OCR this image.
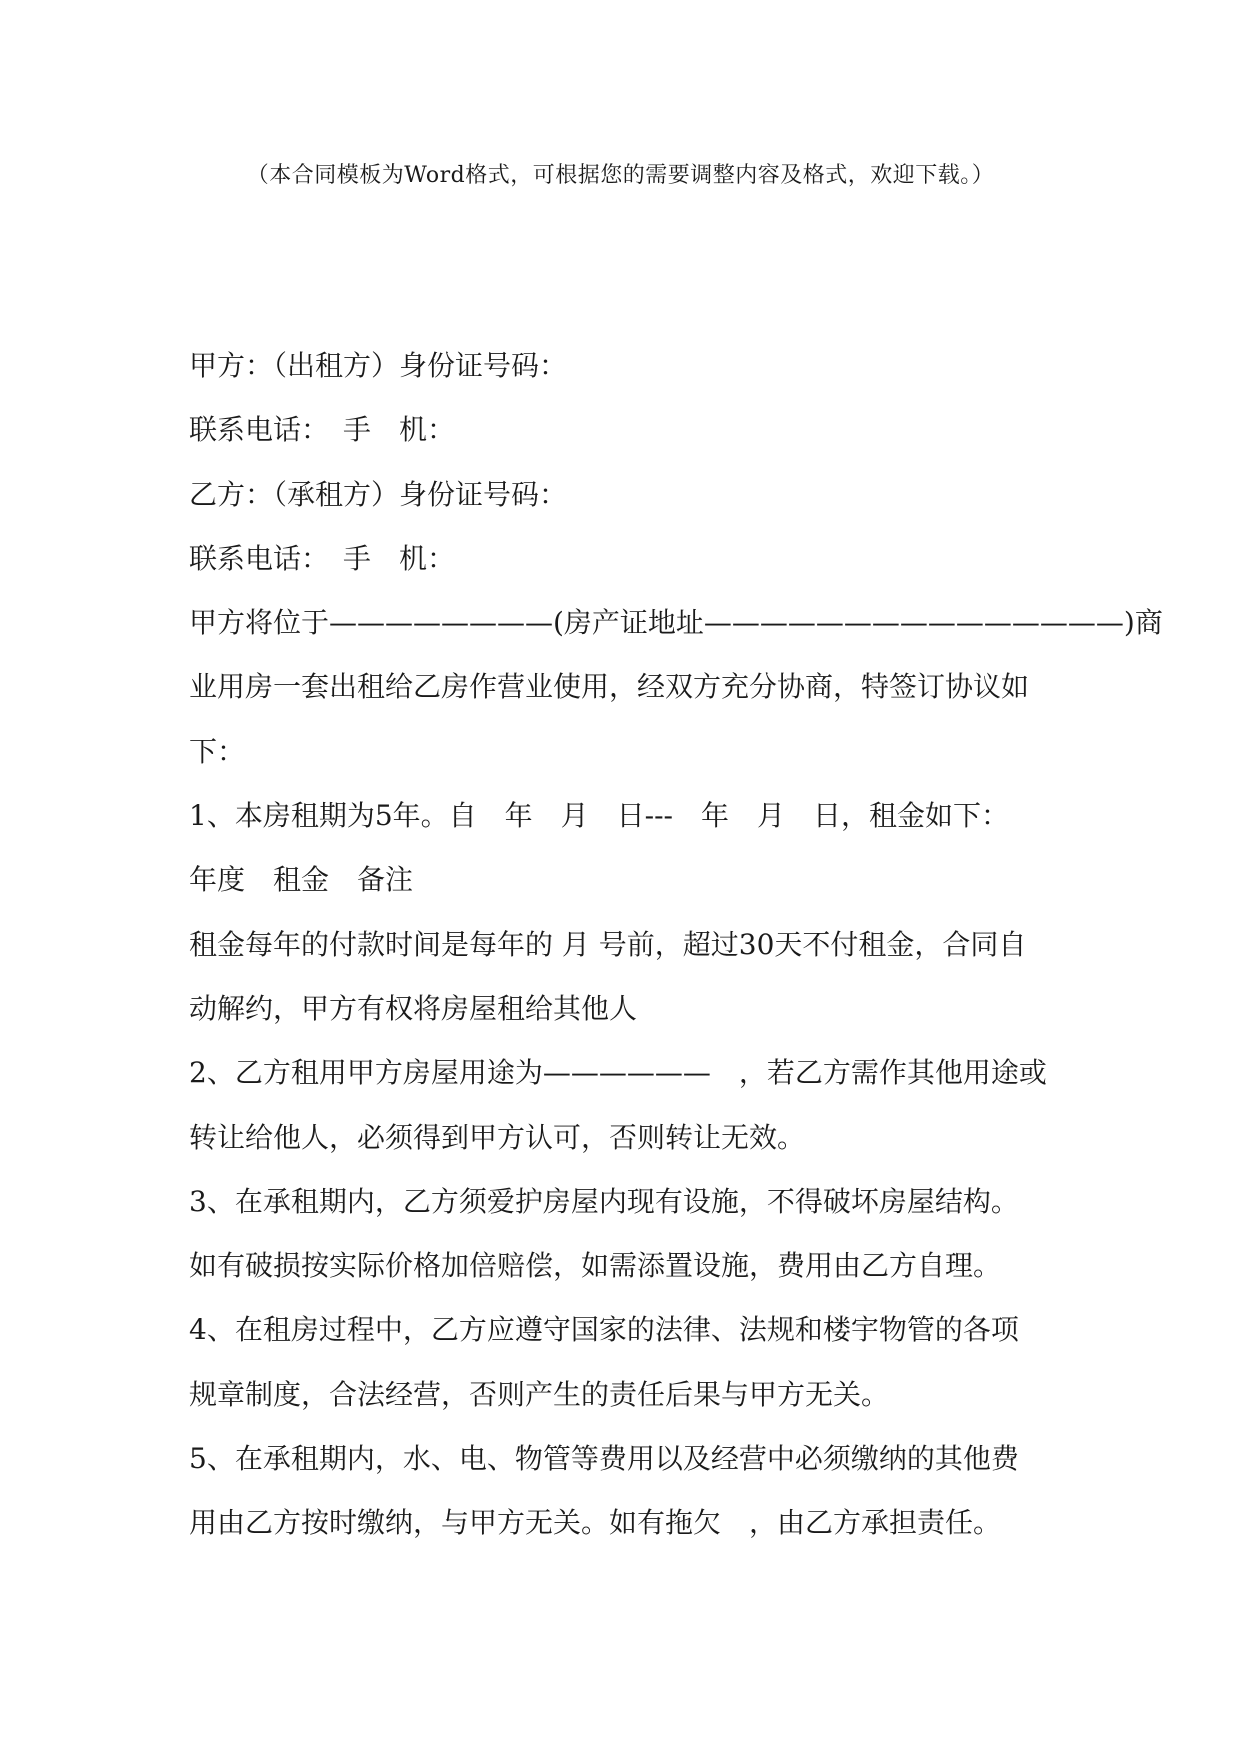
（本合同模板为Word格式，可根据您的需要调整内容及格式，欢迎下载。）
甲方：（出租方）身份证号码：
联系电话：　手　机：
乙方：（承租方）身份证号码：
联系电话：　手　机：
甲方将位于————————(房产证地址———————————————)商
业用房一套出租给乙房作营业使用，经双方充分协商，特签订协议如
下：
1、本房租期为5年。自　年　月　日---　年　月　日，租金如下：
年度　租金　备注
租金每年的付款时间是每年的 月 号前，超过30天不付租金，合同自
动解约，甲方有权将房屋租给其他人
2、乙方租用甲方房屋用途为——————　，若乙方需作其他用途或
转让给他人，必须得到甲方认可，否则转让无效。
3、在承租期内，乙方须爱护房屋内现有设施，不得破坏房屋结构。
如有破损按实际价格加倍赔偿，如需添置设施，费用由乙方自理。
4、在租房过程中，乙方应遵守国家的法律、法规和楼宇物管的各项
规章制度，合法经营，否则产生的责任后果与甲方无关。
5、在承租期内，水、电、物管等费用以及经营中必须缴纳的其他费
用由乙方按时缴纳，与甲方无关。如有拖欠　，由乙方承担责任。
